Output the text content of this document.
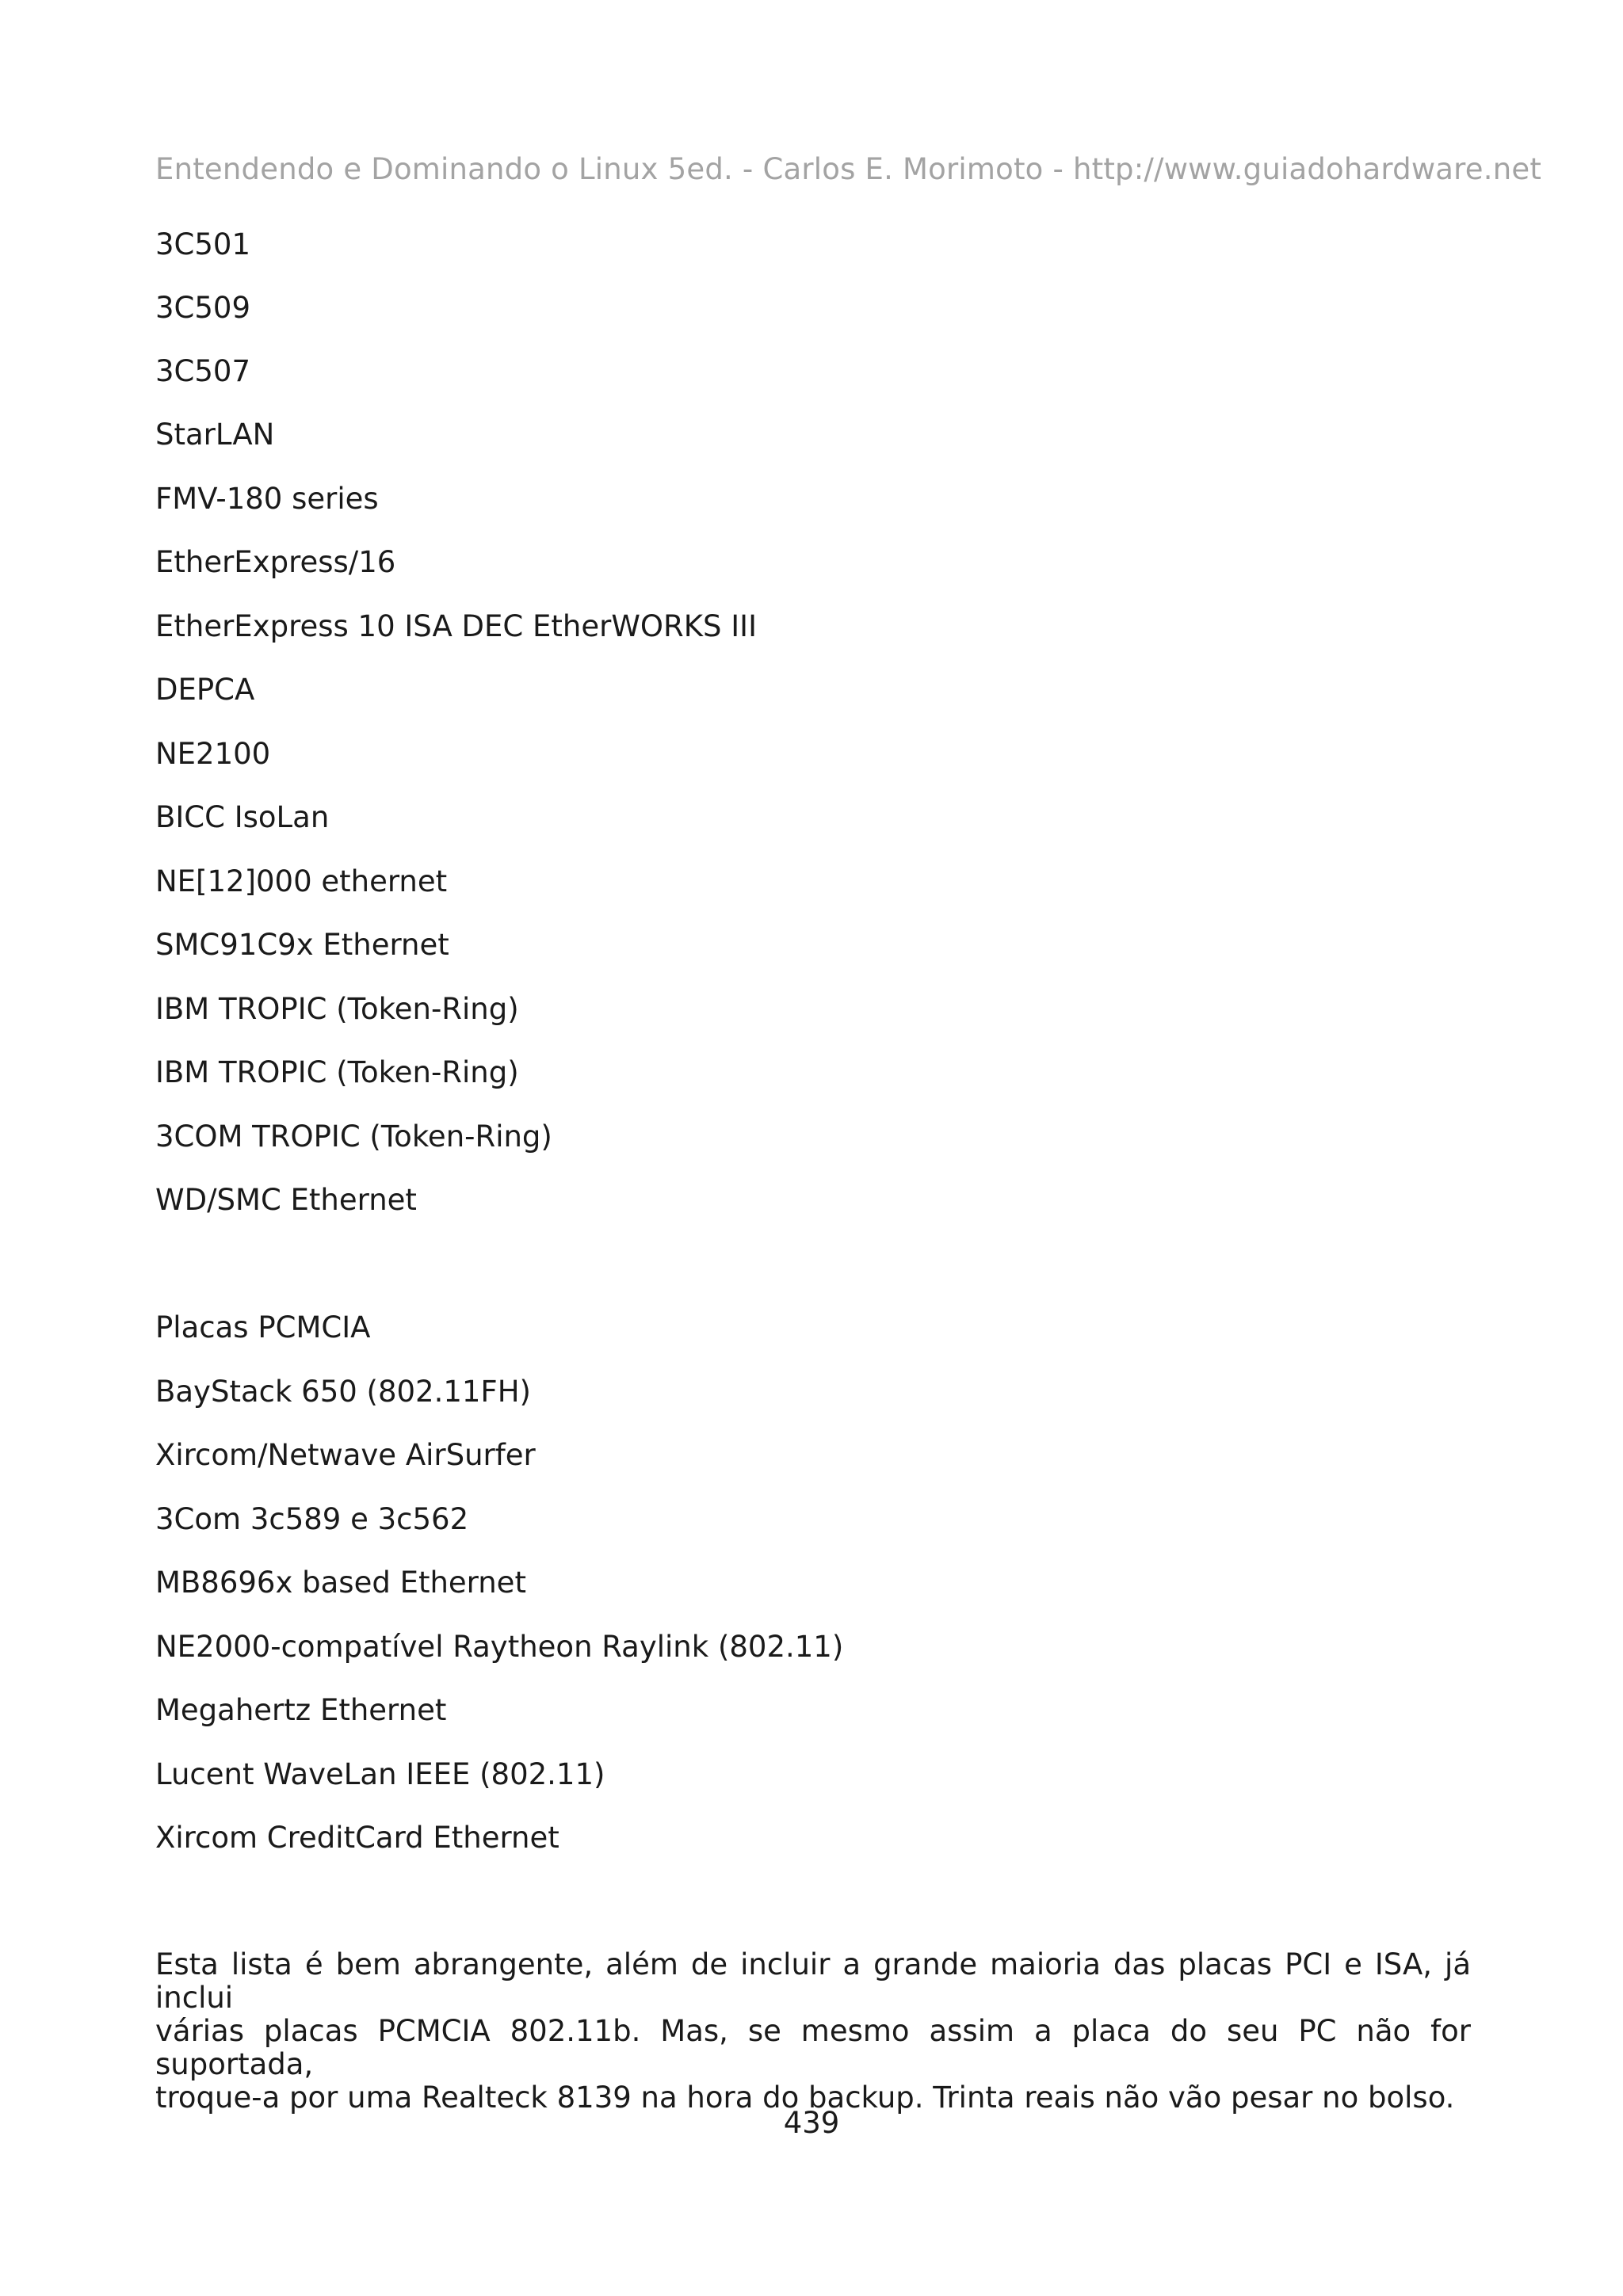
Entendendo e Dominando o Linux 5ed. - Carlos E. Morimoto - http://www.guiadohardware.net
3C501
3C509
3C507
StarLAN
FMV-180 series
EtherExpress/16
EtherExpress 10 ISA DEC EtherWORKS III
DEPCA
NE2100
BICC IsoLan
NE[12]000 ethernet
SMC91C9x Ethernet
IBM TROPIC (Token-Ring)
IBM TROPIC (Token-Ring)
3COM TROPIC (Token-Ring)
WD/SMC Ethernet
Placas PCMCIA
BayStack 650 (802.11FH)
Xircom/Netwave AirSurfer
3Com 3c589 e 3c562
MB8696x based Ethernet
NE2000-compatível Raytheon Raylink (802.11)
Megahertz Ethernet
Lucent WaveLan IEEE (802.11)
Xircom CreditCard Ethernet
Esta lista é bem abrangente, além de incluir a grande maioria das placas PCI e ISA, já inclui
várias placas PCMCIA 802.11b. Mas, se mesmo assim a placa do seu PC não for suportada,
troque-a por uma Realteck 8139 na hora do backup. Trinta reais não vão pesar no bolso.
439
